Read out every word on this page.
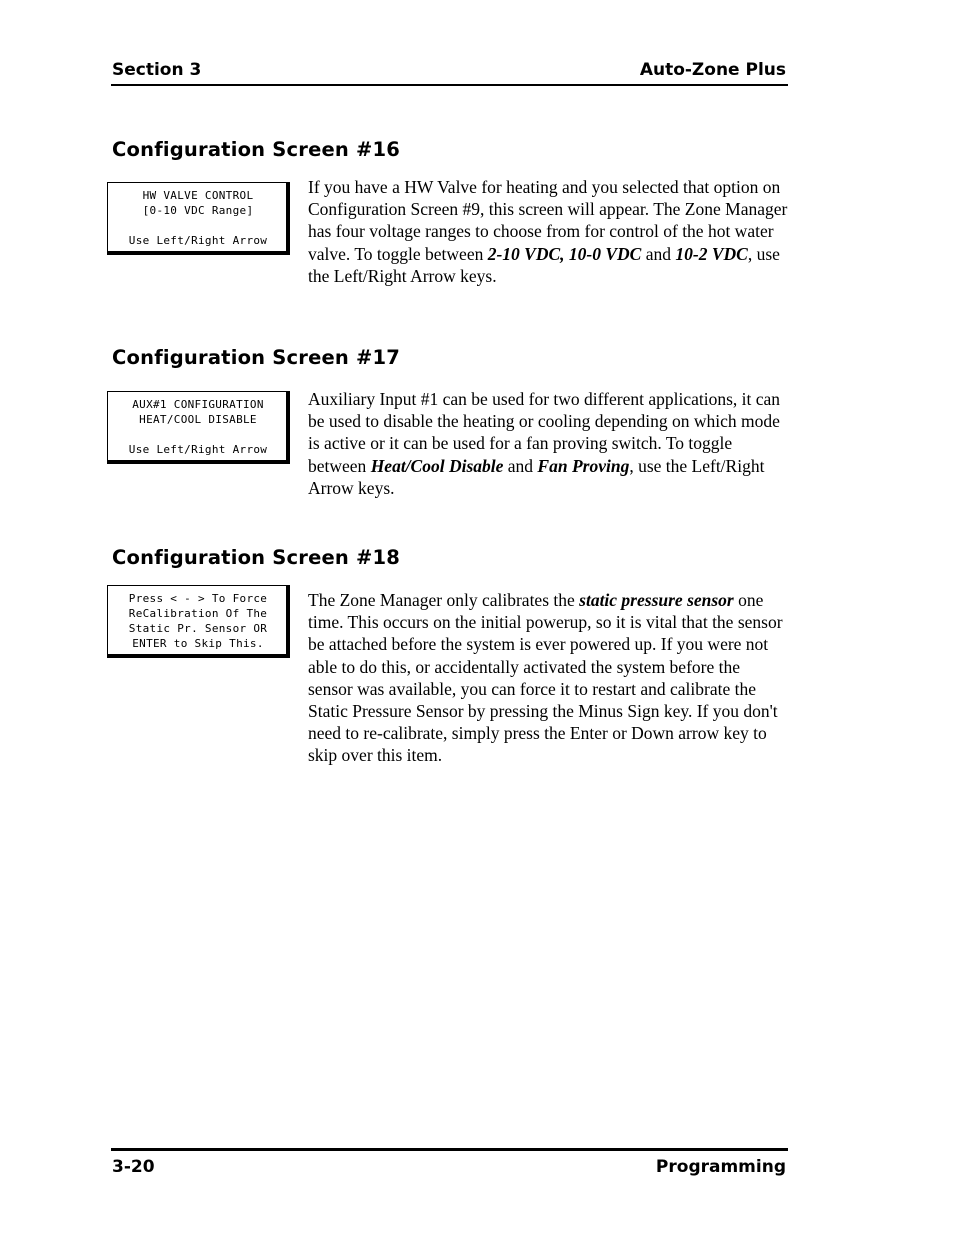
Section 3	Auto-Zone Plus
Configuration Screen #16
HW VALVE CONTROL
[0-10 VDC Range]
Use Left/Right Arrow
If you have a HW Valve for heating and you selected that option on Configuration Screen #9, this screen will appear. The Zone Manager has four voltage ranges to choose from for control of the hot water valve. To toggle between 2-10 VDC, 10-0 VDC and 10-2 VDC, use the Left/Right Arrow keys.
Configuration Screen #17
AUX#1 CONFIGURATION
HEAT/COOL DISABLE
Use Left/Right Arrow
Auxiliary Input #1 can be used for two different applications, it can be used to disable the heating or cooling depending on which mode is active or it can be used for a fan proving switch. To toggle between Heat/Cool Disable and Fan Proving, use the Left/Right Arrow keys.
Configuration Screen #18
Press < - > To Force
ReCalibration Of The
Static Pr. Sensor OR
ENTER to Skip This.
The Zone Manager only calibrates the static pressure sensor one time. This occurs on the initial powerup, so it is vital that the sensor be attached before the system is ever powered up. If you were not able to do this, or accidentally activated the system before the sensor was available, you can force it to restart and calibrate the Static Pressure Sensor by pressing the Minus Sign key. If you don't need to re-calibrate, simply press the Enter or Down arrow key to skip over this item.
3-20	Programming
